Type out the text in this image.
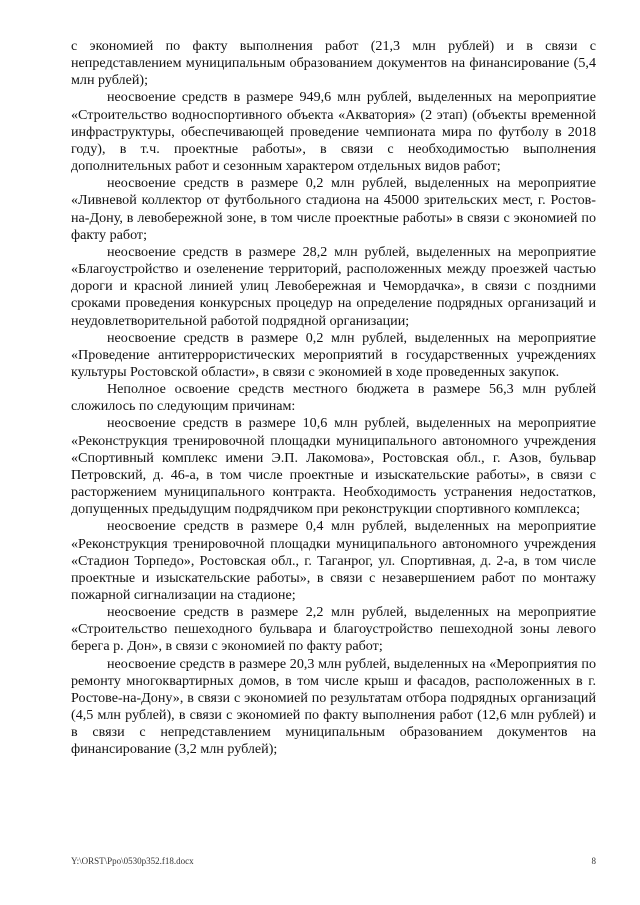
с экономией по факту выполнения работ (21,3 млн рублей) и в связи с непредставлением муниципальным образованием документов на финансирование (5,4 млн рублей);

неосвоение средств в размере 949,6 млн рублей, выделенных на мероприятие «Строительство водноспортивного объекта «Акватория» (2 этап) (объекты временной инфраструктуры, обеспечивающей проведение чемпионата мира по футболу в 2018 году), в т.ч. проектные работы», в связи с необходимостью выполнения дополнительных работ и сезонным характером отдельных видов работ;

неосвоение средств в размере 0,2 млн рублей, выделенных на мероприятие «Ливневой коллектор от футбольного стадиона на 45000 зрительских мест, г. Ростов-на-Дону, в левобережной зоне, в том числе проектные работы» в связи с экономией по факту работ;

неосвоение средств в размере 28,2 млн рублей, выделенных на мероприятие «Благоустройство и озеленение территорий, расположенных между проезжей частью дороги и красной линией улиц Левобережная и Чемордачка», в связи с поздними сроками проведения конкурсных процедур на определение подрядных организаций и неудовлетворительной работой подрядной организации;

неосвоение средств в размере 0,2 млн рублей, выделенных на мероприятие «Проведение антитеррористических мероприятий в государственных учреждениях культуры Ростовской области», в связи с экономией в ходе проведенных закупок.

Неполное освоение средств местного бюджета в размере 56,3 млн рублей сложилось по следующим причинам:

неосвоение средств в размере 10,6 млн рублей, выделенных на мероприятие «Реконструкция тренировочной площадки муниципального автономного учреждения «Спортивный комплекс имени Э.П. Лакомова», Ростовская обл., г. Азов, бульвар Петровский, д. 46-а, в том числе проектные и изыскательские работы», в связи с расторжением муниципального контракта. Необходимость устранения недостатков, допущенных предыдущим подрядчиком при реконструкции спортивного комплекса;

неосвоение средств в размере 0,4 млн рублей, выделенных на мероприятие «Реконструкция тренировочной площадки муниципального автономного учреждения «Стадион Торпедо», Ростовская обл., г. Таганрог, ул. Спортивная, д. 2-а, в том числе проектные и изыскательские работы», в связи с незавершением работ по монтажу пожарной сигнализации на стадионе;

неосвоение средств в размере 2,2 млн рублей, выделенных на мероприятие «Строительство пешеходного бульвара и благоустройство пешеходной зоны левого берега р. Дон», в связи с экономией по факту работ;

неосвоение средств в размере 20,3 млн рублей, выделенных на «Мероприятия по ремонту многоквартирных домов, в том числе крыш и фасадов, расположенных в г. Ростове-на-Дону», в связи с экономией по результатам отбора подрядных организаций (4,5 млн рублей), в связи с экономией по факту выполнения работ (12,6 млн рублей) и в связи с непредставлением муниципальным образованием документов на финансирование (3,2 млн рублей);

Y:\ORST\Ppo\0530p352.f18.docx	8
